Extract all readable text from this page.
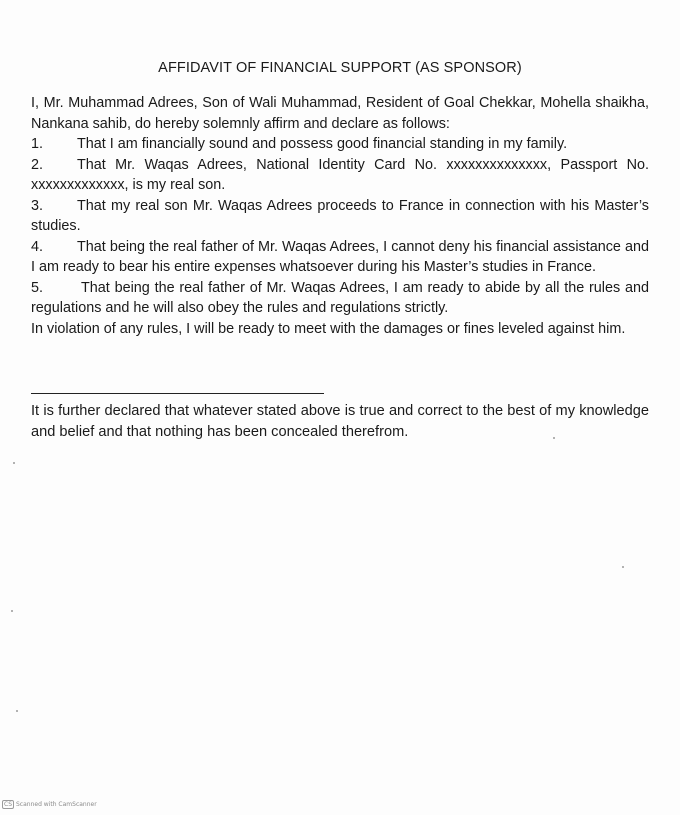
AFFIDAVIT OF FINANCIAL SUPPORT (AS SPONSOR)

I, Mr. Muhammad Adrees, Son of Wali Muhammad, Resident of Goal Chekkar, Mohella shaikha, Nankana sahib, do hereby solemnly affirm and declare as follows:

1.	That I am financially sound and possess good financial standing in my family.

2. That Mr. Waqas Adrees, National Identity Card No. xxxxxxxxxxxxxx, Passport No. xxxxxxxxxxxxx, is my real son.

3. That my real son Mr. Waqas Adrees proceeds to France in connection with his Master’s studies.

4. That being the real father of Mr. Waqas Adrees, I cannot deny his financial assistance and I am ready to bear his entire expenses whatsoever during his Master’s studies in France.

5.	That being the real father of Mr. Waqas Adrees, I am ready to abide by all the rules and regulations and he will also obey the rules and regulations strictly.

In violation of any rules, I will be ready to meet with the damages or fines leveled against him.

It is further declared that whatever stated above is true and correct to the best of my knowledge and belief and that nothing has been concealed therefrom.
CS Scanned with CamScanner
